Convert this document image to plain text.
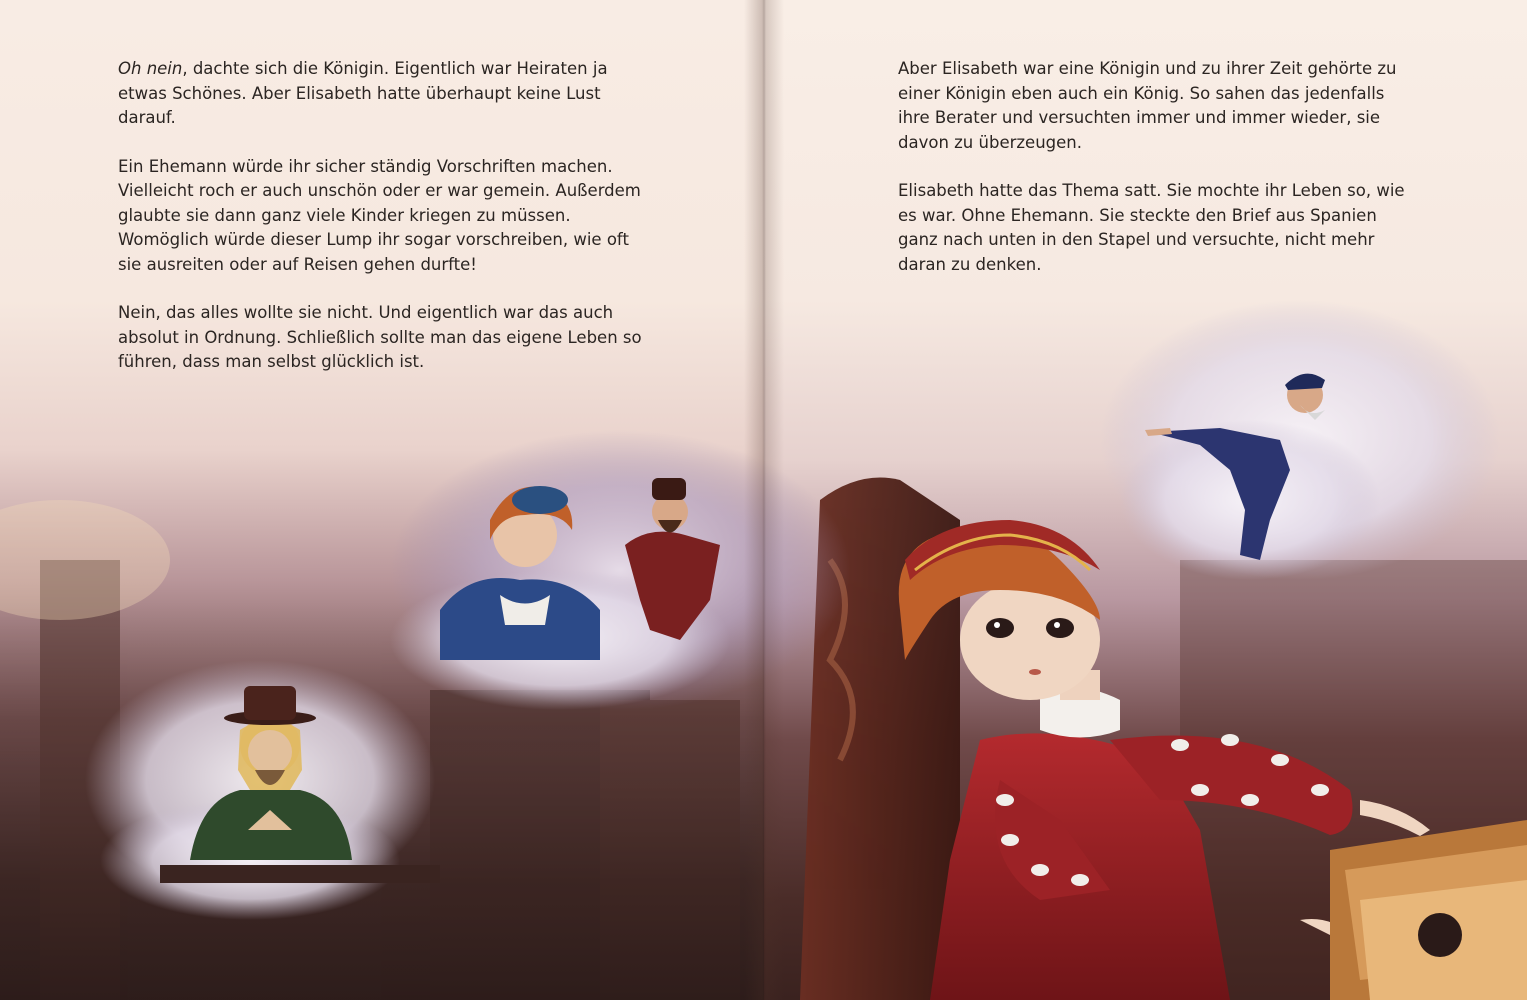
Oh nein, dachte sich die Königin. Eigentlich war Heiraten ja etwas Schönes. Aber Elisabeth hatte überhaupt keine Lust darauf.

Ein Ehemann würde ihr sicher ständig Vorschriften machen. Vielleicht roch er auch unschön oder er war gemein. Außerdem glaubte sie dann ganz viele Kinder kriegen zu müssen. Womöglich würde dieser Lump ihr sogar vorschreiben, wie oft sie ausreiten oder auf Reisen gehen durfte!

Nein, das alles wollte sie nicht. Und eigentlich war das auch absolut in Ordnung. Schließlich sollte man das eigene Leben so führen, dass man selbst glücklich ist.

Aber Elisabeth war eine Königin und zu ihrer Zeit gehörte zu einer Königin eben auch ein König. So sahen das jedenfalls ihre Berater und versuchten immer und immer wieder, sie davon zu überzeugen.

Elisabeth hatte das Thema satt. Sie mochte ihr Leben so, wie es war. Ohne Ehemann. Sie steckte den Brief aus Spanien ganz nach unten in den Stapel und versuchte, nicht mehr daran zu denken.
